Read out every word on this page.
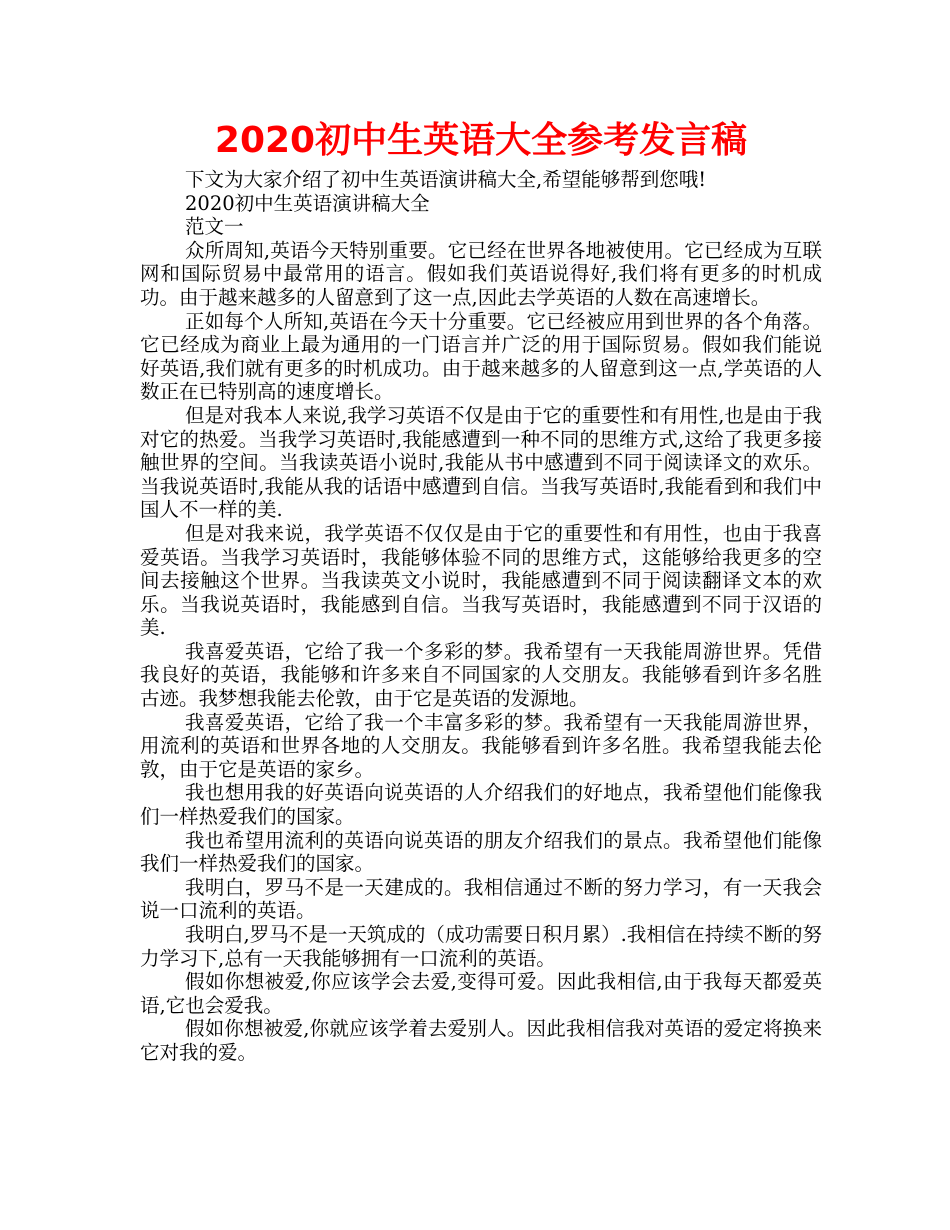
2020初中生英语大全参考发言稿

下文为大家介绍了初中生英语演讲稿大全,希望能够帮到您哦!

2020初中生英语演讲稿大全

范文一

众所周知,英语今天特别重要。它已经在世界各地被使用。它已经成为互联网和国际贸易中最常用的语言。假如我们英语说得好,我们将有更多的时机成功。由于越来越多的人留意到了这一点,因此去学英语的人数在高速增长。

正如每个人所知,英语在今天十分重要。它已经被应用到世界的各个角落。它已经成为商业上最为通用的一门语言并广泛的用于国际贸易。假如我们能说好英语,我们就有更多的时机成功。由于越来越多的人留意到这一点,学英语的人数正在已特别高的速度增长。

但是对我本人来说,我学习英语不仅是由于它的重要性和有用性,也是由于我对它的热爱。当我学习英语时,我能感遭到一种不同的思维方式,这给了我更多接触世界的空间。当我读英语小说时,我能从书中感遭到不同于阅读译文的欢乐。当我说英语时,我能从我的话语中感遭到自信。当我写英语时,我能看到和我们中国人不一样的美.

但是对我来说，我学英语不仅仅是由于它的重要性和有用性，也由于我喜爱英语。当我学习英语时，我能够体验不同的思维方式，这能够给我更多的空间去接触这个世界。当我读英文小说时，我能感遭到不同于阅读翻译文本的欢乐。当我说英语时，我能感到自信。当我写英语时，我能感遭到不同于汉语的美.

我喜爱英语，它给了我一个多彩的梦。我希望有一天我能周游世界。凭借我良好的英语，我能够和许多来自不同国家的人交朋友。我能够看到许多名胜古迹。我梦想我能去伦敦，由于它是英语的发源地。

我喜爱英语，它给了我一个丰富多彩的梦。我希望有一天我能周游世界，用流利的英语和世界各地的人交朋友。我能够看到许多名胜。我希望我能去伦敦，由于它是英语的家乡。

我也想用我的好英语向说英语的人介绍我们的好地点，我希望他们能像我们一样热爱我们的国家。

我也希望用流利的英语向说英语的朋友介绍我们的景点。我希望他们能像我们一样热爱我们的国家。

我明白，罗马不是一天建成的。我相信通过不断的努力学习，有一天我会说一口流利的英语。

我明白,罗马不是一天筑成的（成功需要日积月累）.我相信在持续不断的努力学习下,总有一天我能够拥有一口流利的英语。

假如你想被爱,你应该学会去爱,变得可爱。因此我相信,由于我每天都爱英语,它也会爱我。

假如你想被爱,你就应该学着去爱别人。因此我相信我对英语的爱定将换来它对我的爱。
